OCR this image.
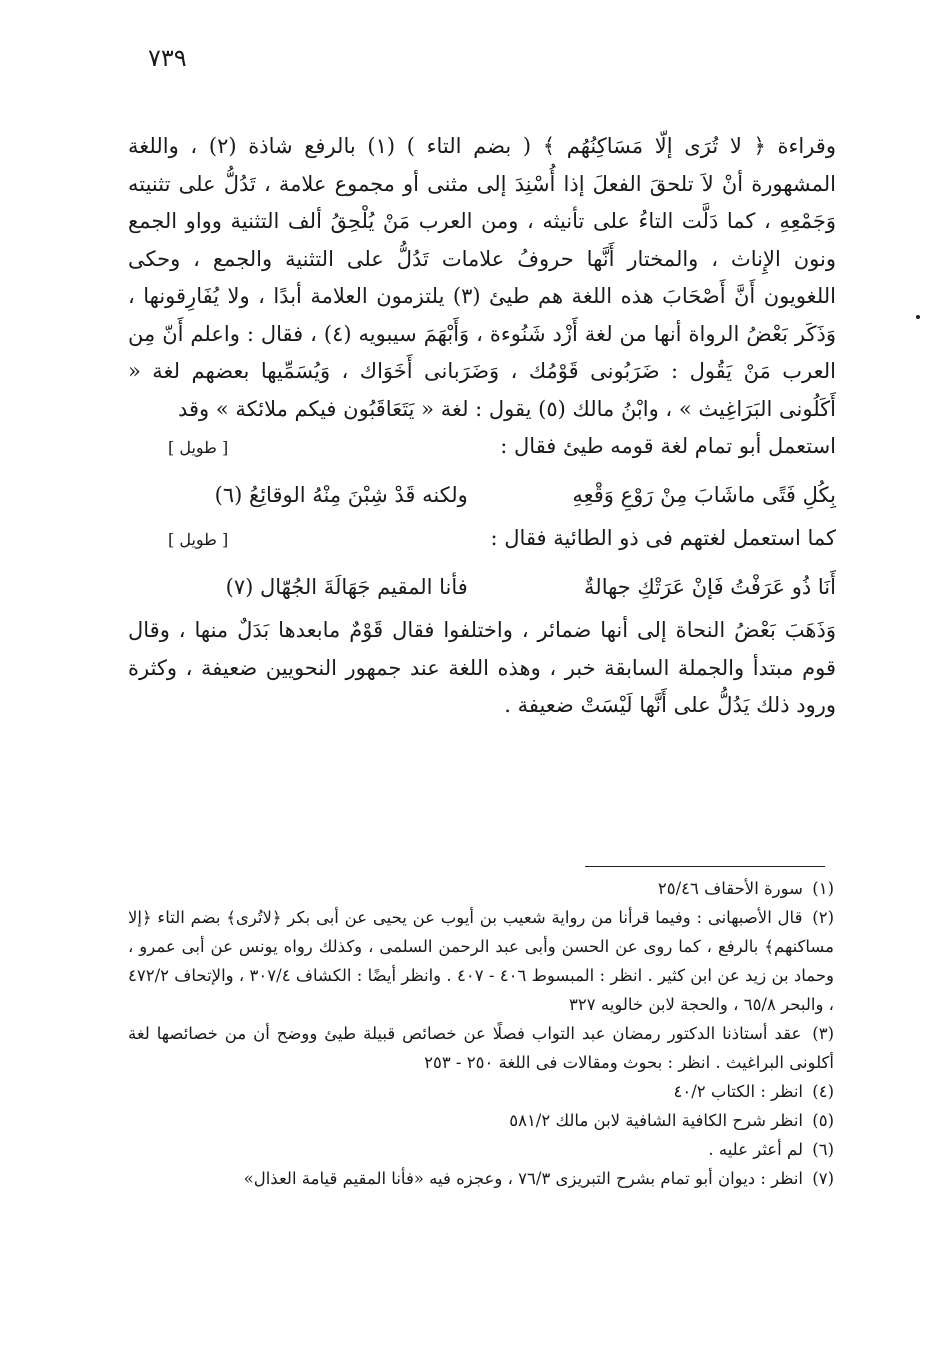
٧٣٩

وقراءة ﴿ لا تُرَى إلّا مَسَاكِنُهُم ﴾ ( بضم التاء ) (١) بالرفع شاذة (٢) ، واللغة المشهورة أنْ لاَ تلحقَ الفعلَ إذا أُسْنِدَ إلى مثنى أو مجموع علامة ، تَدُلُّ على تثنيته وَجَمْعِهِ ، كما دَلَّت التاءُ على تأنيثه ، ومن العرب مَنْ يُلْحِقُ ألف التثنية وواو الجمع ونون الإِناث ، والمختار أَنَّها حروفُ علامات تَدُلُّ على التثنية والجمع ، وحكى اللغويون أَنَّ أَصْحَابَ هذه اللغة هم طيئ (٣) يلتزمون العلامة أبدًا ، ولا يُفَارِقونها ، وَذَكَر بَعْضُ الرواة أنها من لغة أَزْد شَنُوءة ، وَأَبْهَمَ سيبويه (٤) ، فقال : واعلم أَنّ مِن العرب مَنْ يَقُول : ضَرَبُونى قَوْمُك ، وَضَرَبانى أَخَوَاك ، وَيُسَمِّيها بعضهم لغة « أَكَلُونى البَرَاغِيث » ، وابْنُ مالك (٥) يقول : لغة « يَتَعَاقَبُون فيكم ملائكة » وقد

استعمل أبو تمام لغة قومه طيئ فقال :
[ طويل ]
بِكُلِ فَتًى ماشَابَ مِنْ رَوْعِ وَقْعِهِ
ولكنه قَدْ شِبْنَ مِنْهُ الوقائِعُ (٦)
كما استعمل لغتهم فى ذو الطائية فقال :
[ طويل ]
أَنَا ذُو عَرَفْتُ فَإنْ عَرَتْكِ جهالةٌ
فأنا المقيم جَهَالَةَ الجُهّال (٧)

وَذَهَبَ بَعْضُ النحاة إلى أنها ضمائر ، واختلفوا فقال قَوْمٌ مابعدها بَدَلٌ منها ، وقال قوم مبتدأ والجملة السابقة خبر ، وهذه اللغة عند جمهور النحويين ضعيفة ، وكثرة ورود ذلك يَدُلُّ على أَنَّها لَيْسَتْ ضعيفة .

(١) سورة الأحقاف ٢٥/٤٦

(٢) قال الأصبهانى : وفيما قرأنا من رواية شعيب بن أيوب عن يحيى عن أبى بكر ﴿لاتُرى﴾ بضم التاء ﴿إلا مساكنهم﴾ بالرفع ، كما روى عن الحسن وأبى عبد الرحمن السلمى ، وكذلك رواه يونس عن أبى عمرو ، وحماد بن زيد عن ابن كثير . انظر : المبسوط ٤٠٦ - ٤٠٧ . وانظر أيضًا : الكشاف ٣٠٧/٤ ، والإتحاف ٤٧٢/٢ ، والبحر ٦٥/٨ ، والحجة لابن خالويه ٣٢٧

(٣) عقد أستاذنا الدكتور رمضان عبد التواب فصلًا عن خصائص قبيلة طيئ ووضح أن من خصائصها لغة أكلونى البراغيث . انظر : بحوث ومقالات فى اللغة ٢٥٠ - ٢٥٣

(٤) انظر : الكتاب ٤٠/٢

(٥) انظر شرح الكافية الشافية لابن مالك ٥٨١/٢

(٦) لم أعثر عليه .

(٧) انظر : ديوان أبو تمام بشرح التبريزى ٧٦/٣ ، وعجزه فيه «فأنا المقيم قيامة العذال»
